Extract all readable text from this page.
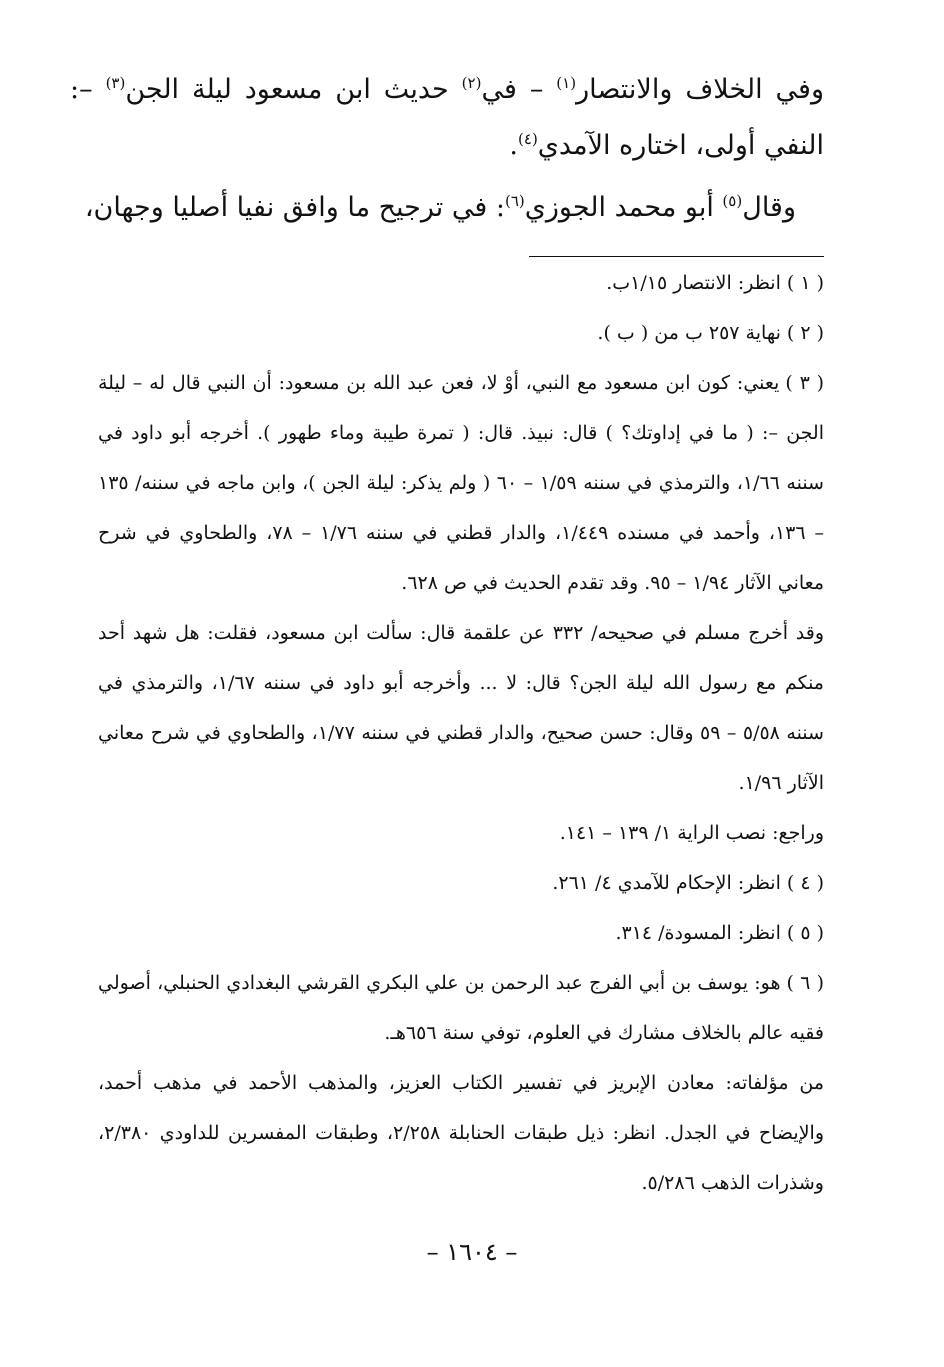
وفي الخلاف والانتصار$^{(١)}$ – في$^{(٢)}$ حديث ابن مسعود ليلة الجن$^{(٣)}$ –: النفي أولى، اختاره الآمدي$^{(٤)}$.

وقال$^{(٥)}$ أبو محمد الجوزي$^{(٦)}$: في ترجيح ما وافق نفيا أصليا وجهان،

( ١ )انظر: الانتصار ١/١٥ب.
( ٢ )نهاية ٢٥٧ ب من ( ب ).
( ٣ )يعني: كون ابن مسعود مع النبي، أوْ لا، فعن عبد الله بن مسعود: أن النبي قال له – ليلة الجن –: ( ما في إداوتك؟ ) قال: نبيذ. قال: ( تمرة طيبة وماء طهور ). أخرجه أبو داود في سننه ١/٦٦، والترمذي في سننه ١/٥٩ – ٦٠ ( ولم يذكر: ليلة الجن )، وابن ماجه في سننه/ ١٣٥ – ١٣٦، وأحمد في مسنده ١/٤٤٩، والدار قطني في سننه ١/٧٦ – ٧٨، والطحاوي في شرح معاني الآثار ١/٩٤ – ٩٥. وقد تقدم الحديث في ص ٦٢٨.
وقد أخرج مسلم في صحيحه/ ٣٣٢ عن علقمة قال: سألت ابن مسعود، فقلت: هل شهد أحد منكم مع رسول الله ليلة الجن؟ قال: لا ... وأخرجه أبو داود في سننه ١/٦٧، والترمذي في سننه ٥/٥٨ – ٥٩ وقال: حسن صحيح، والدار قطني في سننه ١/٧٧، والطحاوي في شرح معاني الآثار ١/٩٦.
وراجع: نصب الراية ١/ ١٣٩ – ١٤١.
( ٤ )انظر: الإحكام للآمدي ٤/ ٢٦١.
( ٥ )انظر: المسودة/ ٣١٤.
( ٦ )هو: يوسف بن أبي الفرج عبد الرحمن بن علي البكري القرشي البغدادي الحنبلي، أصولي فقيه عالم بالخلاف مشارك في العلوم، توفي سنة ٦٥٦هـ.
من مؤلفاته: معادن الإبريز في تفسير الكتاب العزيز، والمذهب الأحمد في مذهب أحمد، والإيضاح في الجدل. انظر: ذيل طبقات الحنابلة ٢/٢٥٨، وطبقات المفسرين للداودي ٢/٣٨٠، وشذرات الذهب ٥/٢٨٦.
– ١٦٠٤ –
